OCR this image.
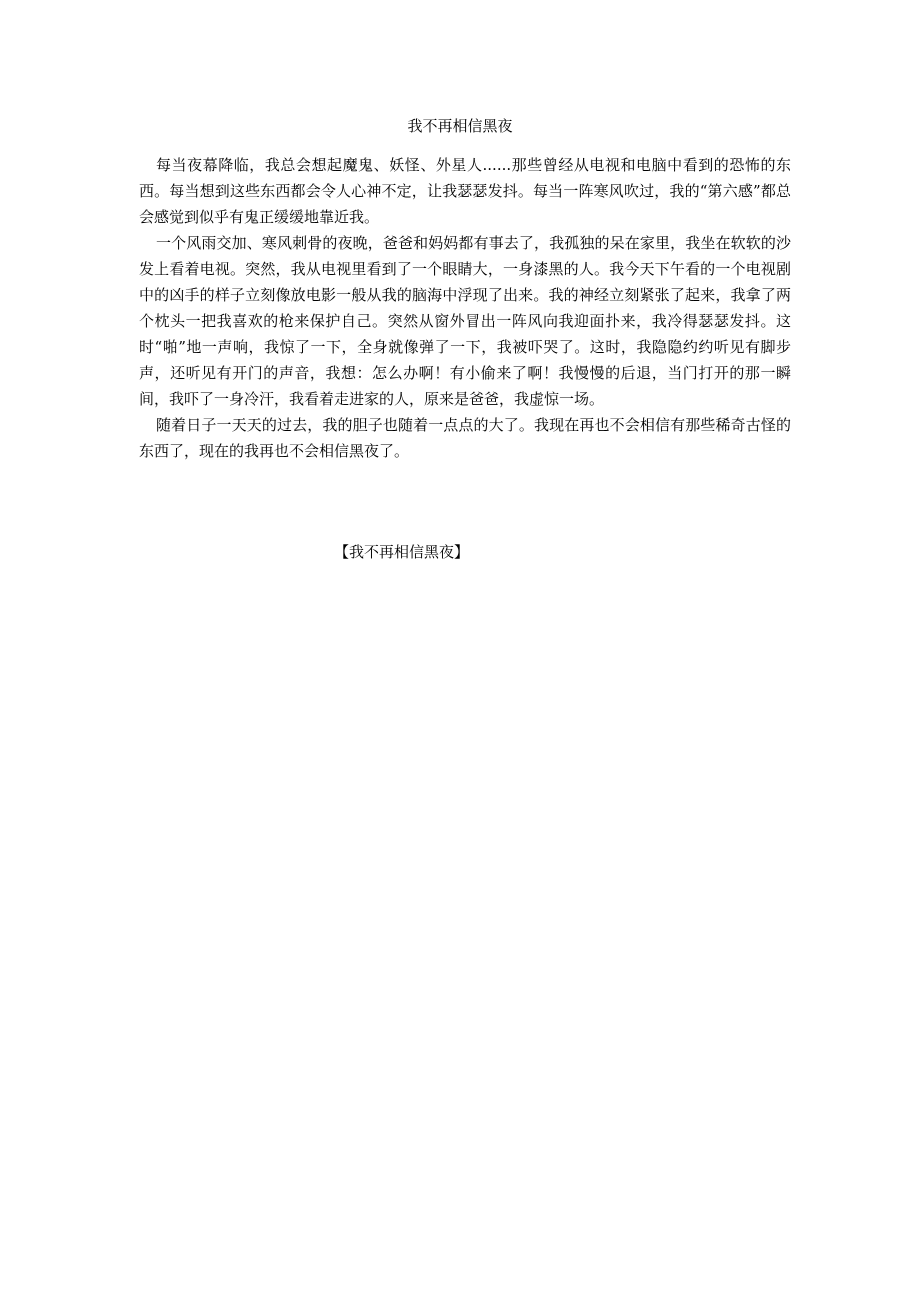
我不再相信黑夜

每当夜幕降临，我总会想起魔鬼、妖怪、外星人......那些曾经从电视和电脑中看到的恐怖的东西。每当想到这些东西都会令人心神不定，让我瑟瑟发抖。每当一阵寒风吹过，我的“第六感”都总会感觉到似乎有鬼正缓缓地靠近我。

一个风雨交加、寒风刺骨的夜晚，爸爸和妈妈都有事去了，我孤独的呆在家里，我坐在软软的沙发上看着电视。突然，我从电视里看到了一个眼睛大，一身漆黑的人。我今天下午看的一个电视剧中的凶手的样子立刻像放电影一般从我的脑海中浮现了出来。我的神经立刻紧张了起来，我拿了两个枕头一把我喜欢的枪来保护自己。突然从窗外冒出一阵风向我迎面扑来，我冷得瑟瑟发抖。这时“啪”地一声响，我惊了一下，全身就像弹了一下，我被吓哭了。这时，我隐隐约约听见有脚步声，还听见有开门的声音，我想：怎么办啊！有小偷来了啊！我慢慢的后退，当门打开的那一瞬间，我吓了一身冷汗，我看着走进家的人，原来是爸爸，我虚惊一场。

随着日子一天天的过去，我的胆子也随着一点点的大了。我现在再也不会相信有那些稀奇古怪的东西了，现在的我再也不会相信黑夜了。

【我不再相信黑夜】
